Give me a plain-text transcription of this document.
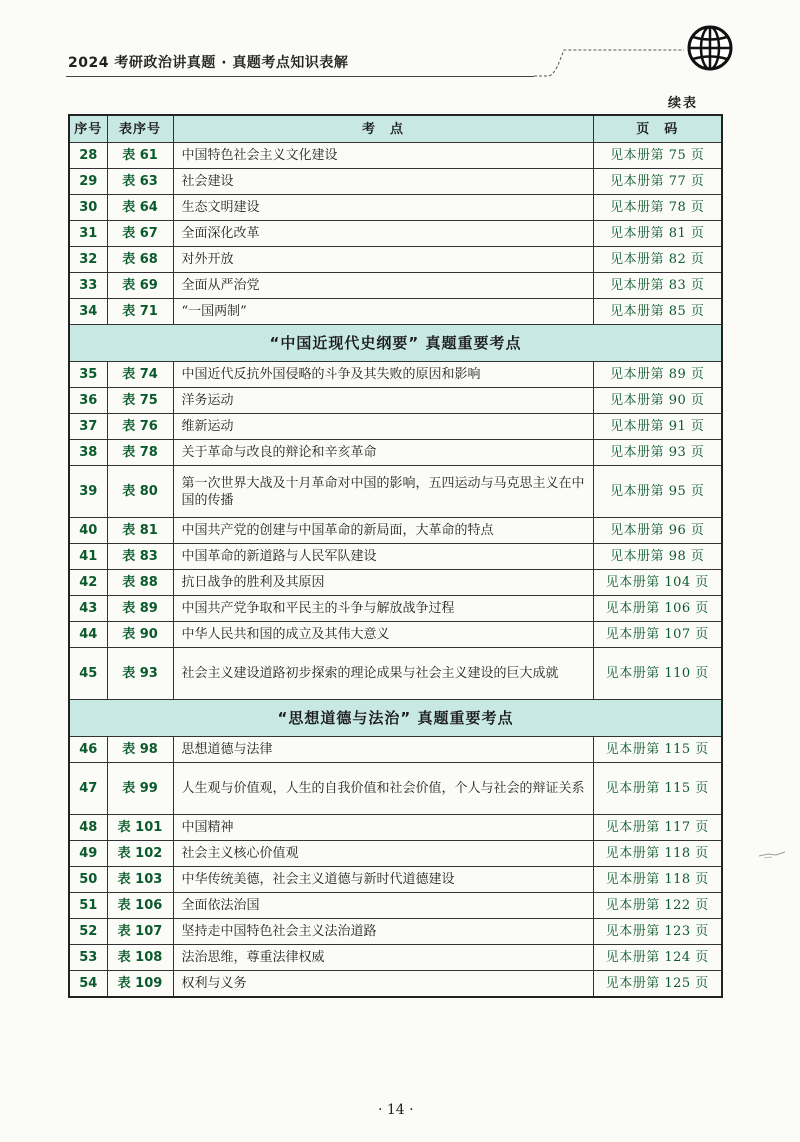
2024 考研政治讲真题 · 真题考点知识表解
续表
序号	表序号	考　点	页　码
28	表 61	中国特色社会主义文化建设	见本册第 75 页
29	表 63	社会建设	见本册第 77 页
30	表 64	生态文明建设	见本册第 78 页
31	表 67	全面深化改革	见本册第 81 页
32	表 68	对外开放	见本册第 82 页
33	表 69	全面从严治党	见本册第 83 页
34	表 71	“一国两制”	见本册第 85 页
“中国近现代史纲要” 真题重要考点			
35	表 74	中国近代反抗外国侵略的斗争及其失败的原因和影响	见本册第 89 页
36	表 75	洋务运动	见本册第 90 页
37	表 76	维新运动	见本册第 91 页
38	表 78	关于革命与改良的辩论和辛亥革命	见本册第 93 页
39	表 80	第一次世界大战及十月革命对中国的影响，五四运动与马克思主义在中国的传播	见本册第 95 页
40	表 81	中国共产党的创建与中国革命的新局面，大革命的特点	见本册第 96 页
41	表 83	中国革命的新道路与人民军队建设	见本册第 98 页
42	表 88	抗日战争的胜利及其原因	见本册第 104 页
43	表 89	中国共产党争取和平民主的斗争与解放战争过程	见本册第 106 页
44	表 90	中华人民共和国的成立及其伟大意义	见本册第 107 页
45	表 93	社会主义建设道路初步探索的理论成果与社会主义建设的巨大成就	见本册第 110 页
“思想道德与法治” 真题重要考点			
46	表 98	思想道德与法律	见本册第 115 页
47	表 99	人生观与价值观，人生的自我价值和社会价值，个人与社会的辩证关系	见本册第 115 页
48	表 101	中国精神	见本册第 117 页
49	表 102	社会主义核心价值观	见本册第 118 页
50	表 103	中华传统美德，社会主义道德与新时代道德建设	见本册第 118 页
51	表 106	全面依法治国	见本册第 122 页
52	表 107	坚持走中国特色社会主义法治道路	见本册第 123 页
53	表 108	法治思维，尊重法律权威	见本册第 124 页
54	表 109	权利与义务	见本册第 125 页
· 14 ·
